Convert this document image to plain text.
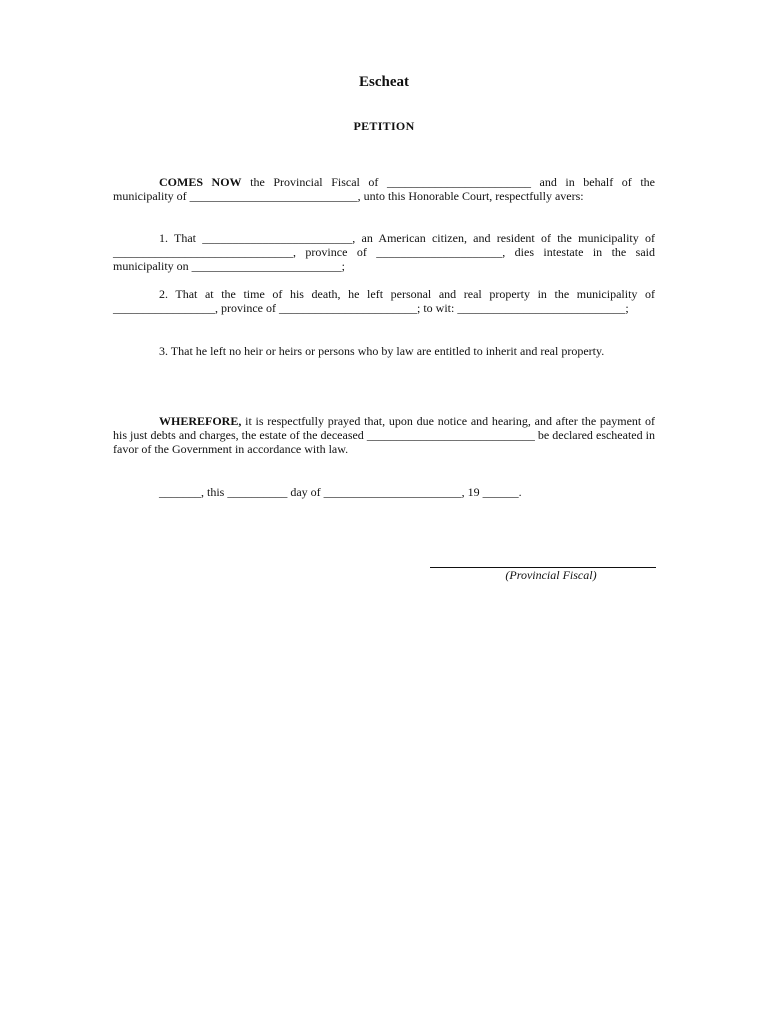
Escheat
PETITION

COMES NOW the Provincial Fiscal of ________________________ and in behalf of the municipality of ____________________________, unto this Honorable Court, respectfully avers:

1. That _________________________, an American citizen, and resident of the municipality of ______________________________, province of _____________________, dies intestate in the said municipality on _________________________;

2. That at the time of his death, he left personal and real property in the municipality of _________________, province of _______________________; to wit: ____________________________;

3. That he left no heir or heirs or persons who by law are entitled to inherit and real property.

WHEREFORE, it is respectfully prayed that, upon due notice and hearing, and after the payment of his just debts and charges, the estate of the deceased ____________________________ be declared escheated in favor of the Government in accordance with law.

_______, this __________ day of _______________________, 19 ______.

(Provincial Fiscal)
